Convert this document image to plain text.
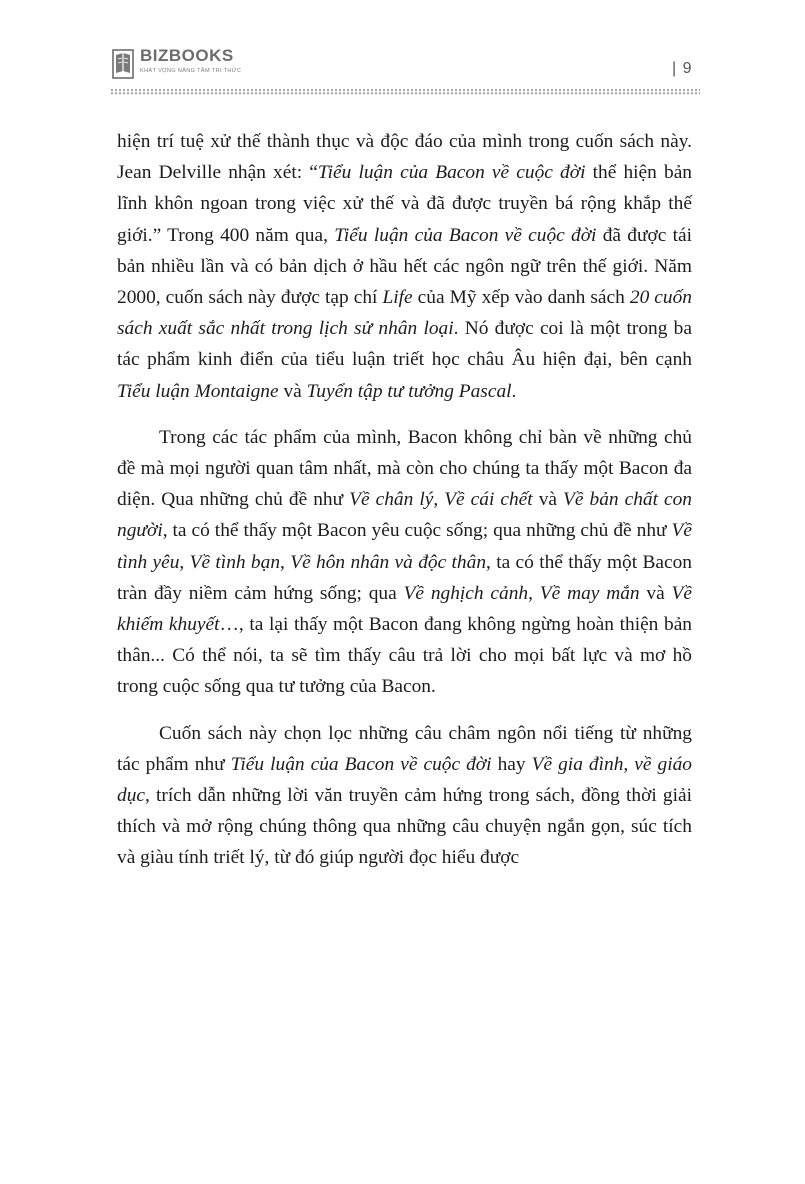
BIZBOOKS
KHÁT VỌNG NÂNG TẦM TRI THỨC	| 9

hiện trí tuệ xử thế thành thục và độc đáo của mình trong cuốn sách này. Jean Delville nhận xét: “Tiểu luận của Bacon về cuộc đời thể hiện bản lĩnh khôn ngoan trong việc xử thế và đã được truyền bá rộng khắp thế giới.” Trong 400 năm qua, Tiểu luận của Bacon về cuộc đời đã được tái bản nhiều lần và có bản dịch ở hầu hết các ngôn ngữ trên thế giới. Năm 2000, cuốn sách này được tạp chí Life của Mỹ xếp vào danh sách 20 cuốn sách xuất sắc nhất trong lịch sử nhân loại. Nó được coi là một trong ba tác phẩm kinh điển của tiểu luận triết học châu Âu hiện đại, bên cạnh Tiểu luận Montaigne và Tuyển tập tư tưởng Pascal.

Trong các tác phẩm của mình, Bacon không chỉ bàn về những chủ đề mà mọi người quan tâm nhất, mà còn cho chúng ta thấy một Bacon đa diện. Qua những chủ đề như Về chân lý, Về cái chết và Về bản chất con người, ta có thể thấy một Bacon yêu cuộc sống; qua những chủ đề như Về tình yêu, Về tình bạn, Về hôn nhân và độc thân, ta có thể thấy một Bacon tràn đầy niềm cảm hứng sống; qua Về nghịch cảnh, Về may mắn và Về khiếm khuyết…, ta lại thấy một Bacon đang không ngừng hoàn thiện bản thân... Có thể nói, ta sẽ tìm thấy câu trả lời cho mọi bất lực và mơ hồ trong cuộc sống qua tư tưởng của Bacon.

Cuốn sách này chọn lọc những câu châm ngôn nổi tiếng từ những tác phẩm như Tiểu luận của Bacon về cuộc đời hay Về gia đình, về giáo dục, trích dẫn những lời văn truyền cảm hứng trong sách, đồng thời giải thích và mở rộng chúng thông qua những câu chuyện ngắn gọn, súc tích và giàu tính triết lý, từ đó giúp người đọc hiểu được
